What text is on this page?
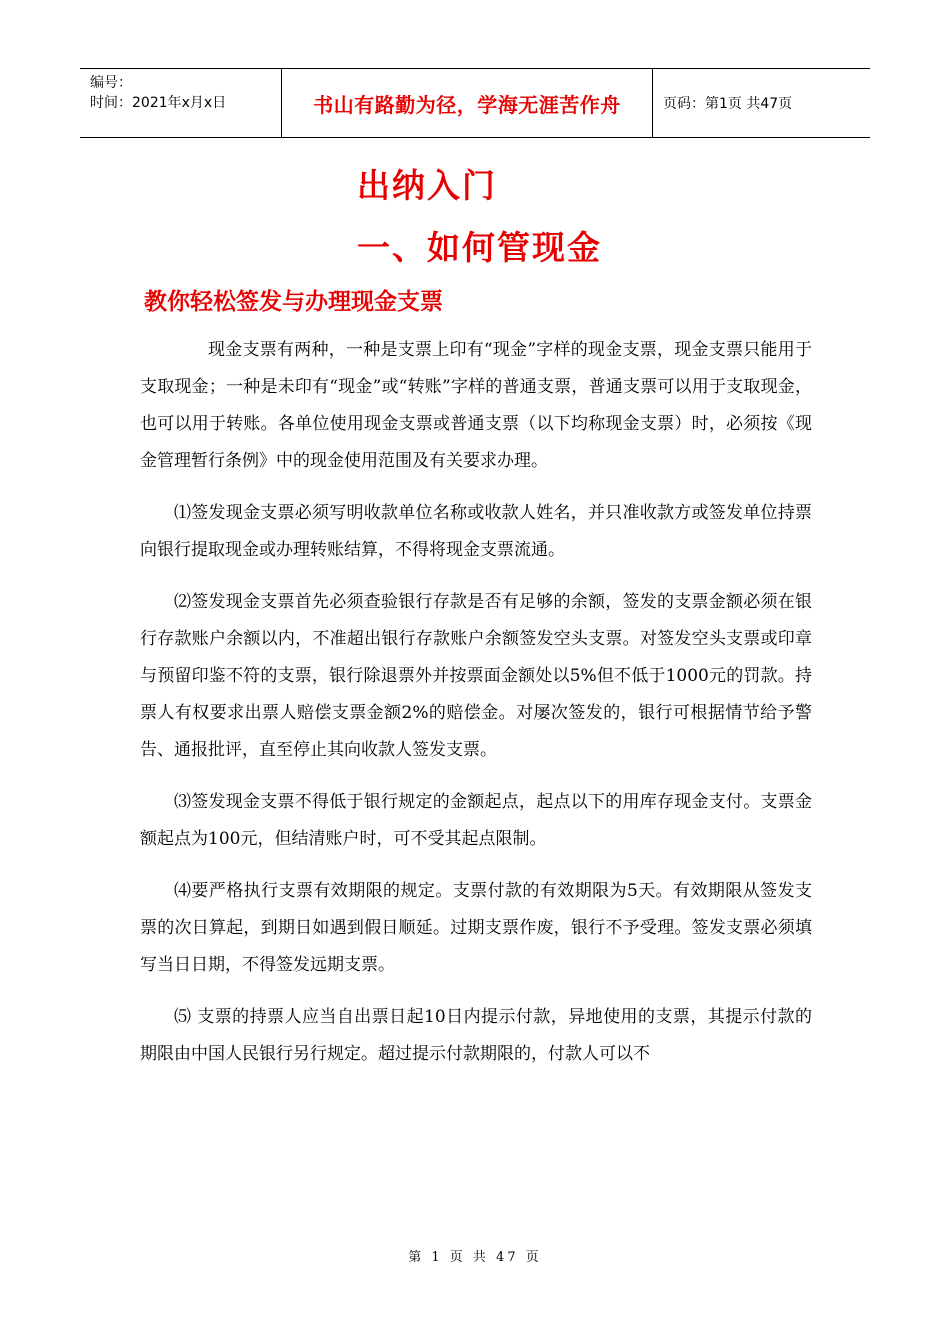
编号：
时间：2021年x月x日	书山有路勤为径，学海无涯苦作舟	页码：第1页 共47页
出纳入门
一、如何管现金
教你轻松签发与办理现金支票

现金支票有两种，一种是支票上印有“现金”字样的现金支票，现金支票只能用于支取现金；一种是未印有“现金”或“转账”字样的普通支票，普通支票可以用于支取现金，也可以用于转账。各单位使用现金支票或普通支票（以下均称现金支票）时，必须按《现金管理暂行条例》中的现金使用范围及有关要求办理。

⑴签发现金支票必须写明收款单位名称或收款人姓名，并只准收款方或签发单位持票向银行提取现金或办理转账结算，不得将现金支票流通。

⑵签发现金支票首先必须查验银行存款是否有足够的余额，签发的支票金额必须在银行存款账户余额以内，不准超出银行存款账户余额签发空头支票。对签发空头支票或印章与预留印鉴不符的支票，银行除退票外并按票面金额处以5%但不低于1000元的罚款。持票人有权要求出票人赔偿支票金额2%的赔偿金。对屡次签发的，银行可根据情节给予警告、通报批评，直至停止其向收款人签发支票。

⑶签发现金支票不得低于银行规定的金额起点，起点以下的用库存现金支付。支票金额起点为100元，但结清账户时，可不受其起点限制。

⑷要严格执行支票有效期限的规定。支票付款的有效期限为5天。有效期限从签发支票的次日算起，到期日如遇到假日顺延。过期支票作废，银行不予受理。签发支票必须填写当日日期，不得签发远期支票。

⑸ 支票的持票人应当自出票日起10日内提示付款，异地使用的支票，其提示付款的期限由中国人民银行另行规定。超过提示付款期限的，付款人可以不

第 1 页 共 47 页
